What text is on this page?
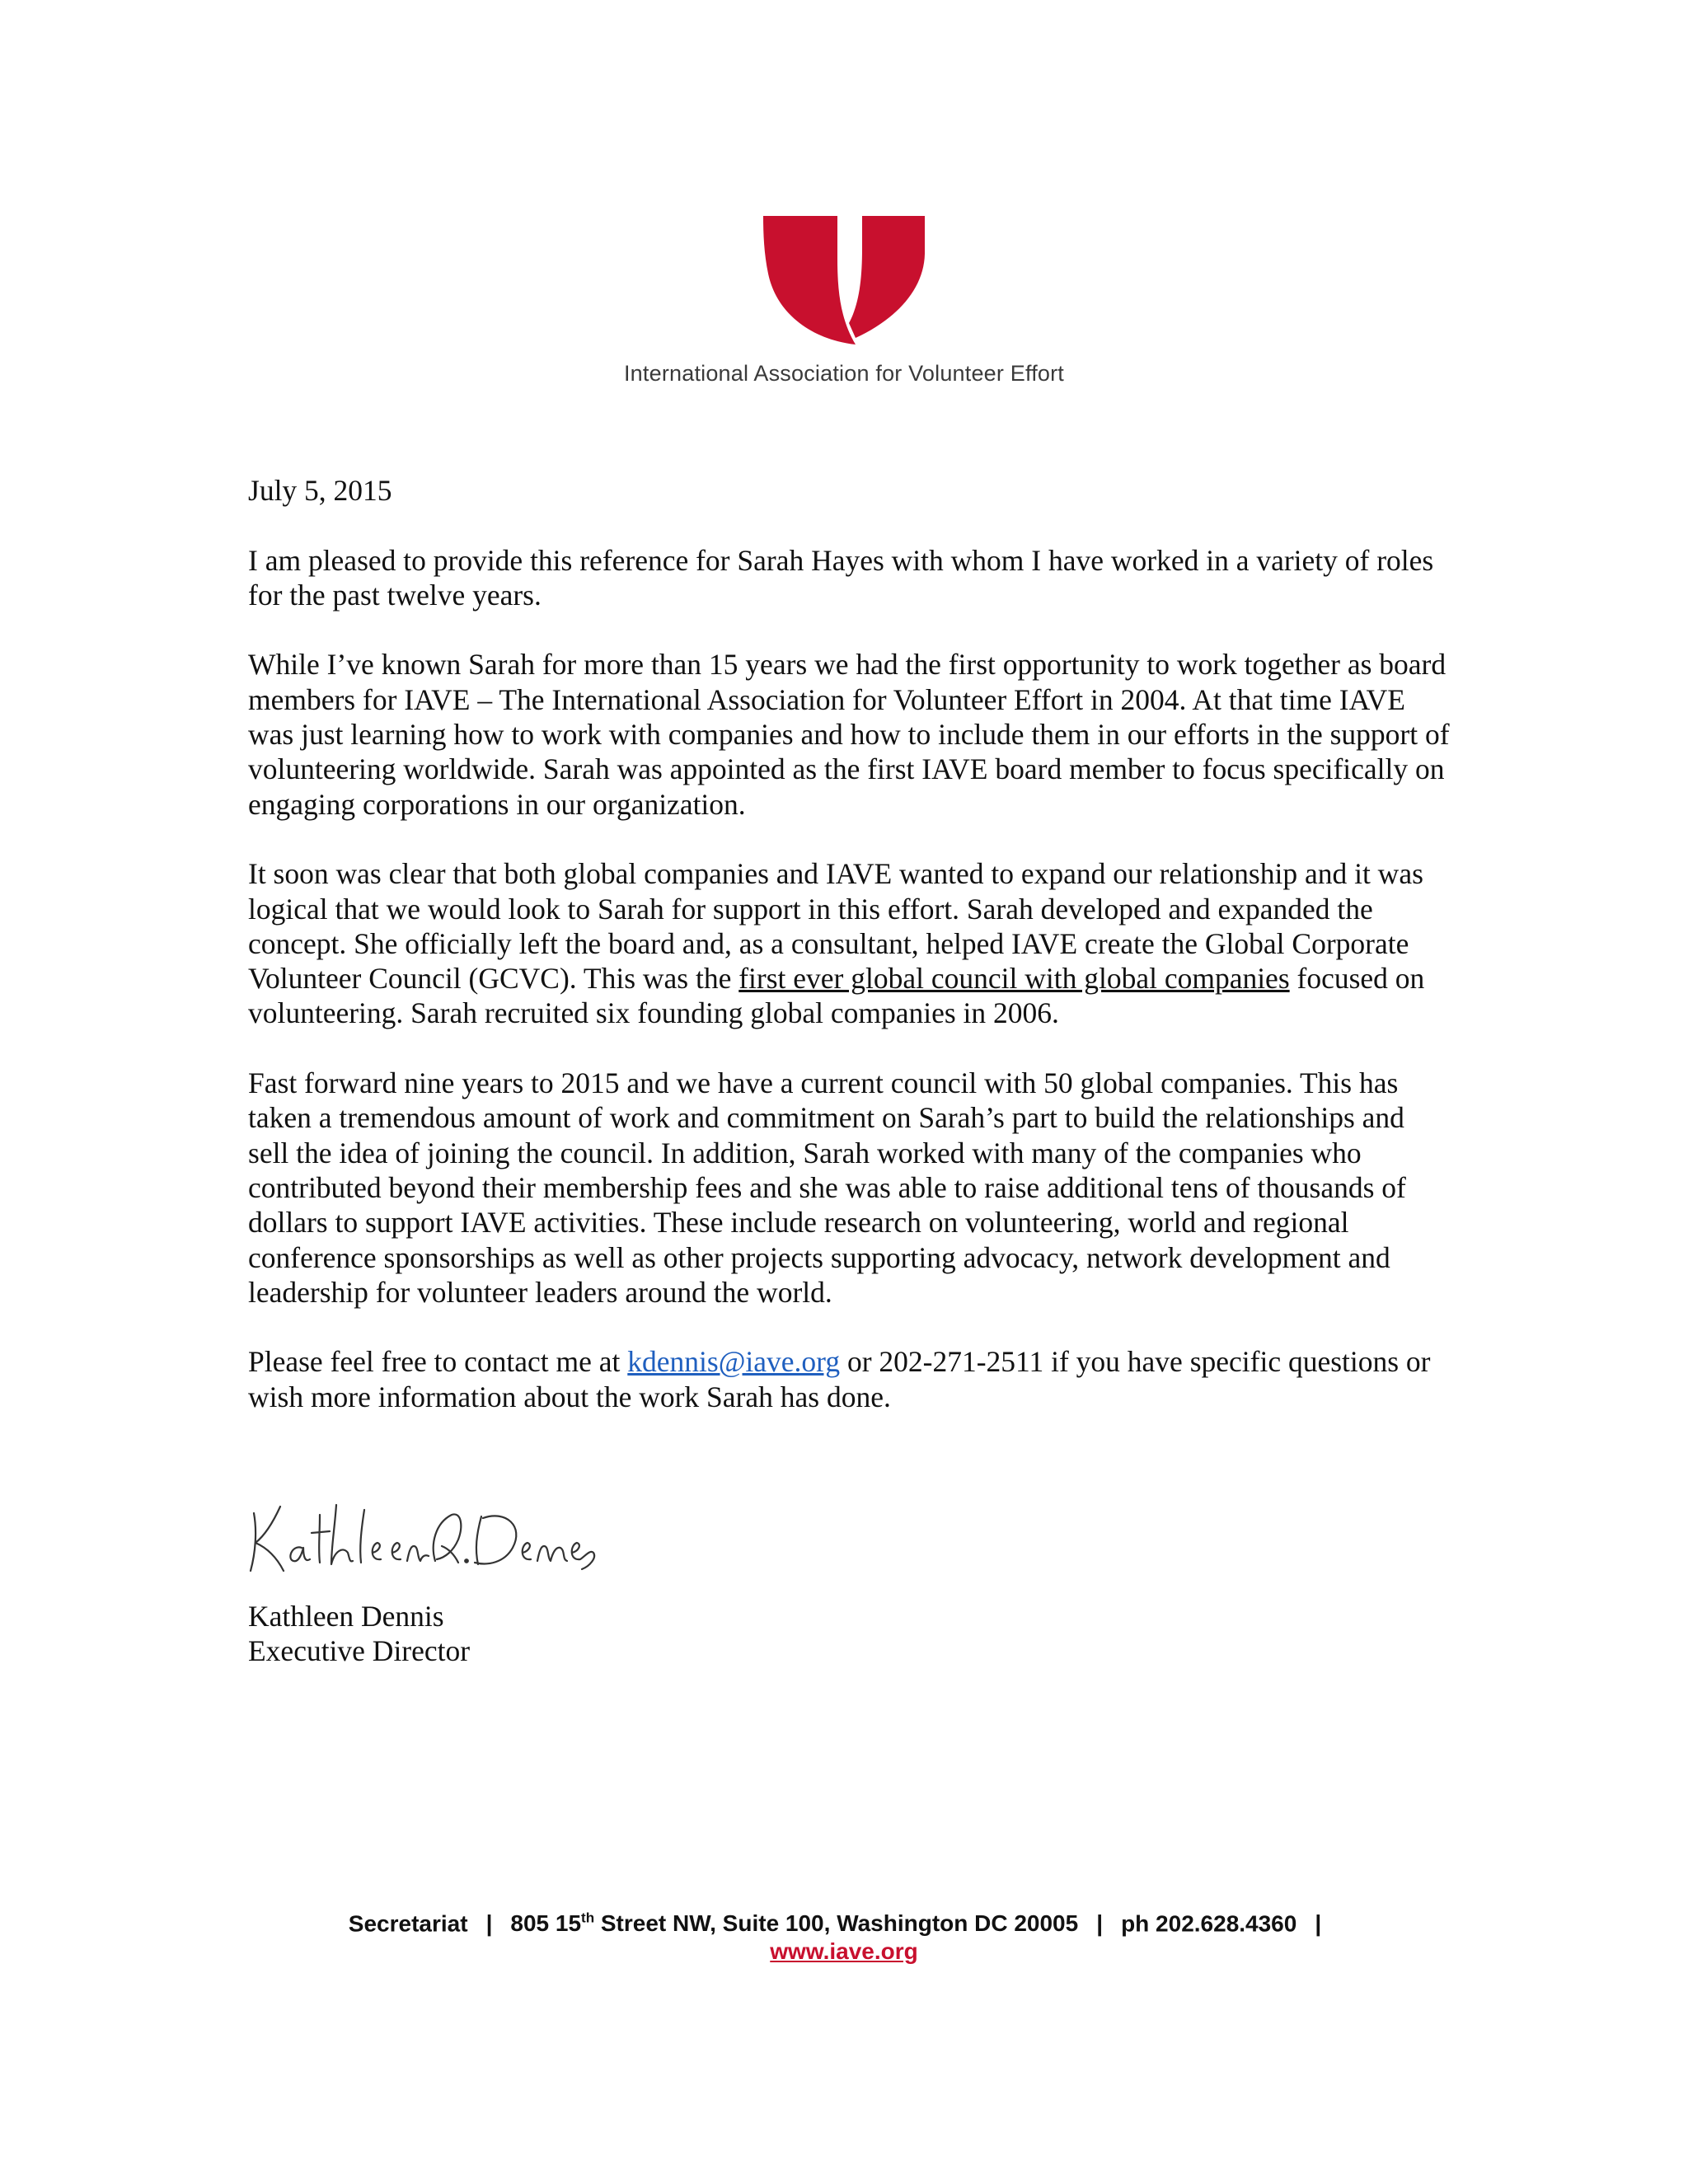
International Association for Volunteer Effort

July 5, 2015

I am pleased to provide this reference for Sarah Hayes with whom I have worked in a variety of roles for the past twelve years.

While I’ve known Sarah for more than 15 years we had the first opportunity to work together as board members for IAVE – The International Association for Volunteer Effort in 2004. At that time IAVE was just learning how to work with companies and how to include them in our efforts in the support of volunteering worldwide. Sarah was appointed as the first IAVE board member to focus specifically on engaging corporations in our organization.

It soon was clear that both global companies and IAVE wanted to expand our relationship and it was logical that we would look to Sarah for support in this effort. Sarah developed and expanded the concept. She officially left the board and, as a consultant, helped IAVE create the Global Corporate Volunteer Council (GCVC). This was the first ever global council with global companies focused on volunteering. Sarah recruited six founding global companies in 2006.

Fast forward nine years to 2015 and we have a current council with 50 global companies. This has taken a tremendous amount of work and commitment on Sarah’s part to build the relationships and sell the idea of joining the council. In addition, Sarah worked with many of the companies who contributed beyond their membership fees and she was able to raise additional tens of thousands of dollars to support IAVE activities. These include research on volunteering, world and regional conference sponsorships as well as other projects supporting advocacy, network development and leadership for volunteer leaders around the world.

Please feel free to contact me at kdennis@iave.org or 202-271-2511 if you have specific questions or wish more information about the work Sarah has done.

Kathleen Dennis
Executive Director
Secretariat | 805 15th Street NW, Suite 100, Washington DC 20005 | ph 202.628.4360 |
www.iave.org
